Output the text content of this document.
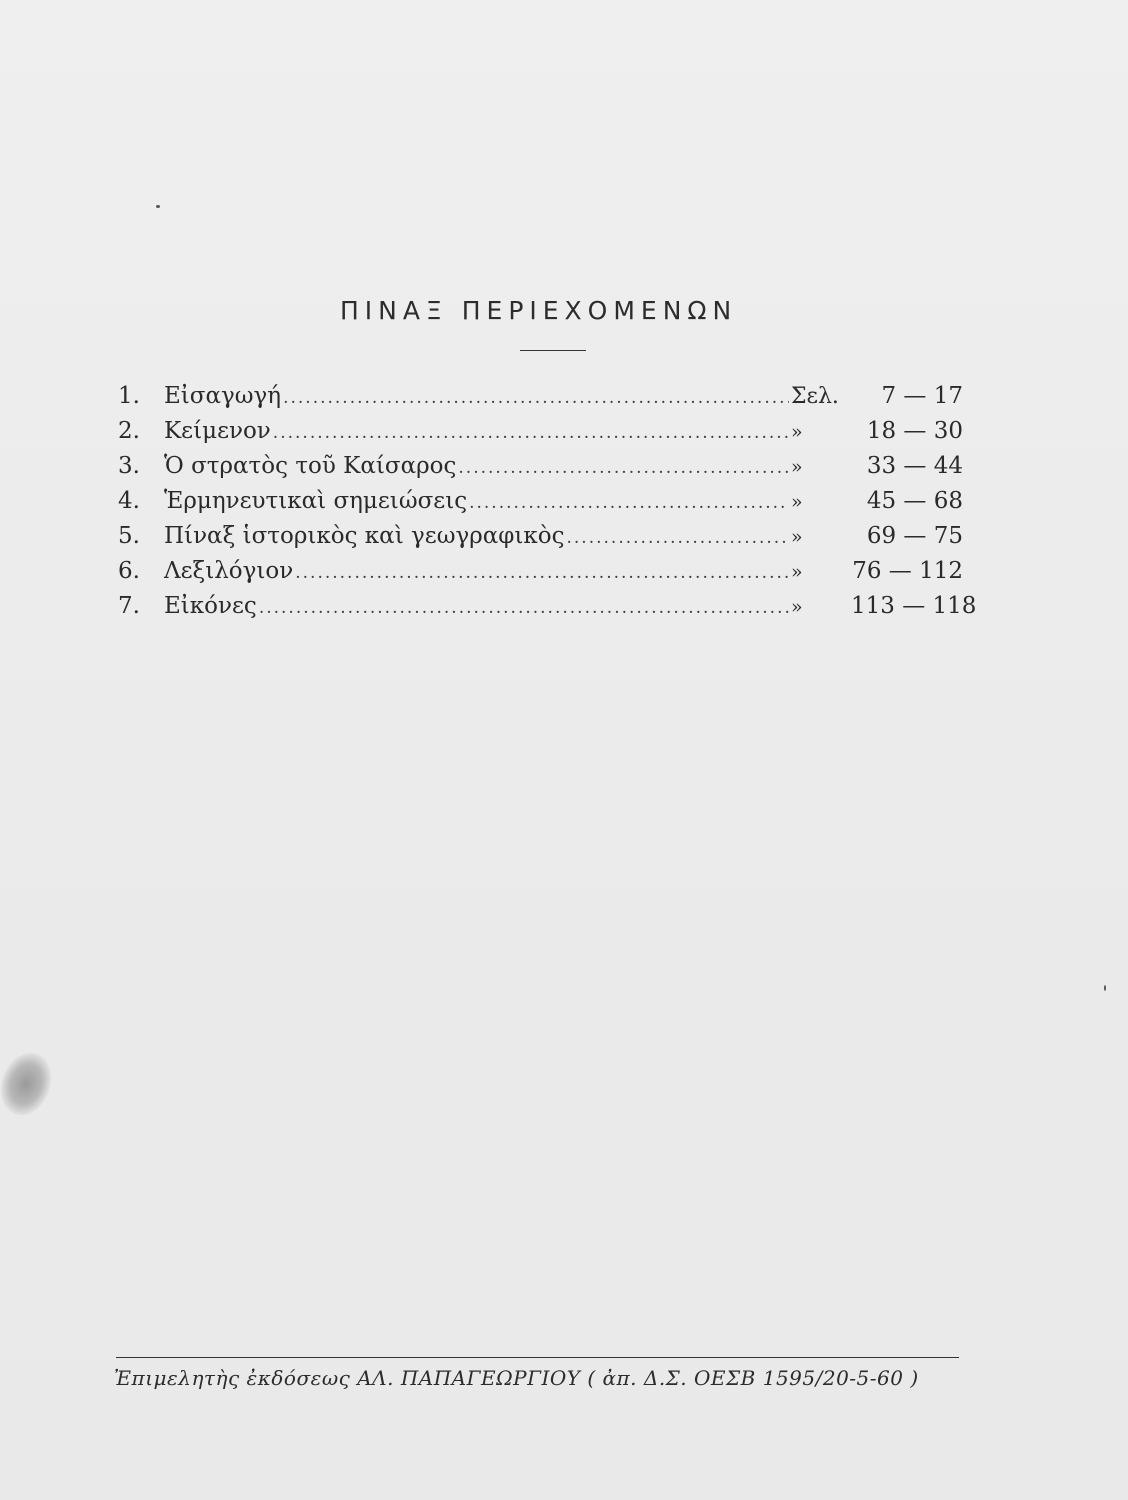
ΠΙΝΑΞ ΠΕΡΙΕΧΟΜΕΝΩΝ
1.	Εἰσαγωγή .....	Σελ.	7 — 17
2.	Κείμενον .....	»	18 — 30
3.	Ὁ στρατὸς τοῦ Καίσαρος .....	»	33 — 44
4.	Ἑρμηνευτικαὶ σημειώσεις .....	»	45 — 68
5.	Πίναξ ἱστορικὸς καὶ γεωγραφικὸς .....	»	69 — 75
6.	Λεξιλόγιον .....	»	76 — 112
7.	Εἰκόνες .....	»	113 — 118
Ἐπιμελητὴς ἐκδόσεως ΑΛ. ΠΑΠΑΓΕΩΡΓΙΟΥ ( ἀπ. Δ.Σ. ΟΕΣΒ 1595/20-5-60 )
